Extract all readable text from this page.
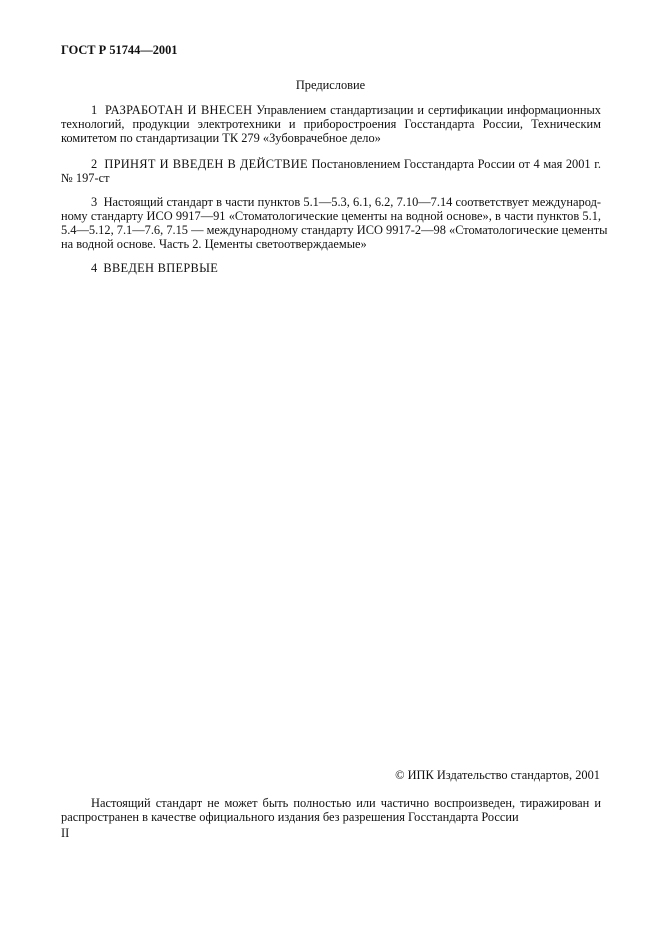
ГОСТ Р 51744—2001
Предисловие
1 РАЗРАБОТАН И ВНЕСЕН Управлением стандартизации и сертификации информационных
технологий, продукции электротехники и приборостроения Госстандарта России, Техническим
комитетом по стандартизации ТК 279 «Зубоврачебное дело»
2 ПРИНЯТ И ВВЕДЕН В ДЕЙСТВИЕ Постановлением Госстандарта России от 4 мая 2001 г.
№ 197-ст
3 Настоящий стандарт в части пунктов 5.1—5.3, 6.1, 6.2, 7.10—7.14 соответствует международ-
ному стандарту ИСО 9917—91 «Стоматологические цементы на водной основе», в части пунктов 5.1,
5.4—5.12, 7.1—7.6, 7.15 — международному стандарту ИСО 9917-2—98 «Стоматологические цементы
на водной основе. Часть 2. Цементы светоотверждаемые»
4 ВВЕДЕН ВПЕРВЫЕ
© ИПК Издательство стандартов, 2001
Настоящий стандарт не может быть полностью или частично воспроизведен, тиражирован и
распространен в качестве официального издания без разрешения Госстандарта России
II
